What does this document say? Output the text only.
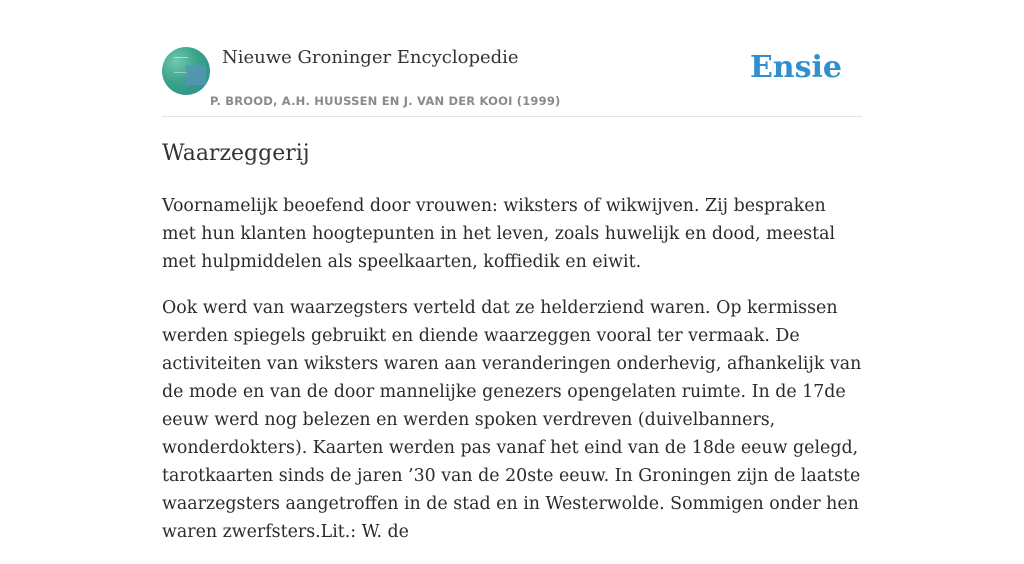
Nieuwe Groninger Encyclopedie
P. BROOD, A.H. HUUSSEN EN J. VAN DER KOOI (1999)
Ensie
Waarzeggerij

Voornamelijk beoefend door vrouwen: wiksters of wikwijven. Zij bespraken met hun klanten hoogtepunten in het leven, zoals huwelijk en dood, meestal met hulpmiddelen als speelkaarten, koffiedik en eiwit.

Ook werd van waarzegsters verteld dat ze helderziend waren. Op kermissen werden spiegels gebruikt en diende waarzeggen vooral ter vermaak. De activiteiten van wiksters waren aan veranderingen onderhevig, afhankelijk van de mode en van de door mannelijke genezers opengelaten ruimte. In de 17de eeuw werd nog belezen en werden spoken verdreven (duivelbanners, wonderdokters). Kaarten werden pas vanaf het eind van de 18de eeuw gelegd, tarotkaarten sinds de jaren ’30 van de 20ste eeuw. In Groningen zijn de laatste waarzegsters aangetroffen in de stad en in Westerwolde. Sommigen onder hen waren zwerfsters.Lit.: W. de
